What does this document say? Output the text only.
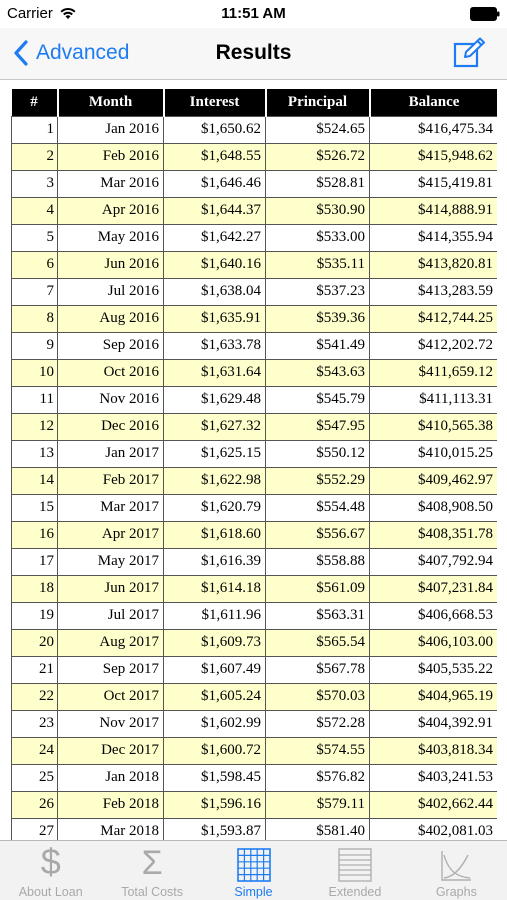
Carrier	11:51 AM
Advanced	Results
#	Month	Interest	Principal	Balance
1	Jan 2016	$1,650.62	$524.65	$416,475.34
2	Feb 2016	$1,648.55	$526.72	$415,948.62
3	Mar 2016	$1,646.46	$528.81	$415,419.81
4	Apr 2016	$1,644.37	$530.90	$414,888.91
5	May 2016	$1,642.27	$533.00	$414,355.94
6	Jun 2016	$1,640.16	$535.11	$413,820.81
7	Jul 2016	$1,638.04	$537.23	$413,283.59
8	Aug 2016	$1,635.91	$539.36	$412,744.25
9	Sep 2016	$1,633.78	$541.49	$412,202.72
10	Oct 2016	$1,631.64	$543.63	$411,659.12
11	Nov 2016	$1,629.48	$545.79	$411,113.31
12	Dec 2016	$1,627.32	$547.95	$410,565.38
13	Jan 2017	$1,625.15	$550.12	$410,015.25
14	Feb 2017	$1,622.98	$552.29	$409,462.97
15	Mar 2017	$1,620.79	$554.48	$408,908.50
16	Apr 2017	$1,618.60	$556.67	$408,351.78
17	May 2017	$1,616.39	$558.88	$407,792.94
18	Jun 2017	$1,614.18	$561.09	$407,231.84
19	Jul 2017	$1,611.96	$563.31	$406,668.53
20	Aug 2017	$1,609.73	$565.54	$406,103.00
21	Sep 2017	$1,607.49	$567.78	$405,535.22
22	Oct 2017	$1,605.24	$570.03	$404,965.19
23	Nov 2017	$1,602.99	$572.28	$404,392.91
24	Dec 2017	$1,600.72	$574.55	$403,818.34
25	Jan 2018	$1,598.45	$576.82	$403,241.53
26	Feb 2018	$1,596.16	$579.11	$402,662.44
27	Mar 2018	$1,593.87	$581.40	$402,081.03
$
About Loan
Σ
Total Costs	Simple	Extended	Graphs
